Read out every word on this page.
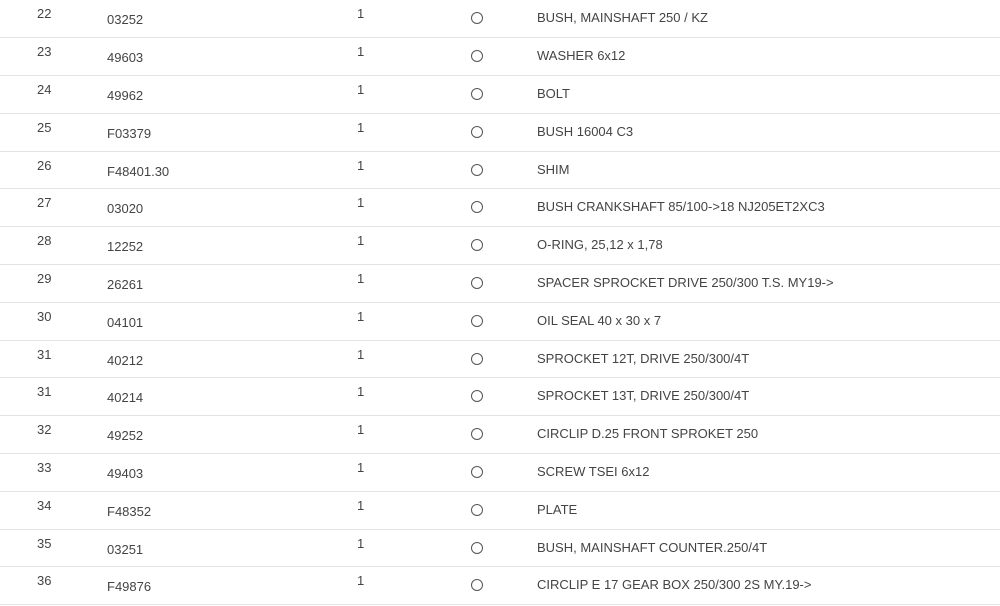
22	03252	1		BUSH, MAINSHAFT 250 / KZ
23	49603	1		WASHER 6x12
24	49962	1		BOLT
25	F03379	1		BUSH 16004 C3
26	F48401.30	1		SHIM
27	03020	1		BUSH CRANKSHAFT 85/100->18 NJ205ET2XC3
28	12252	1		O-RING, 25,12 x 1,78
29	26261	1		SPACER SPROCKET DRIVE 250/300 T.S. MY19->
30	04101	1		OIL SEAL 40 x 30 x 7
31	40212	1		SPROCKET 12T, DRIVE 250/300/4T
31	40214	1		SPROCKET 13T, DRIVE 250/300/4T
32	49252	1		CIRCLIP D.25 FRONT SPROKET 250
33	49403	1		SCREW TSEI 6x12
34	F48352	1		PLATE
35	03251	1		BUSH, MAINSHAFT COUNTER.250/4T
36	F49876	1		CIRCLIP E 17 GEAR BOX 250/300 2S MY.19->
